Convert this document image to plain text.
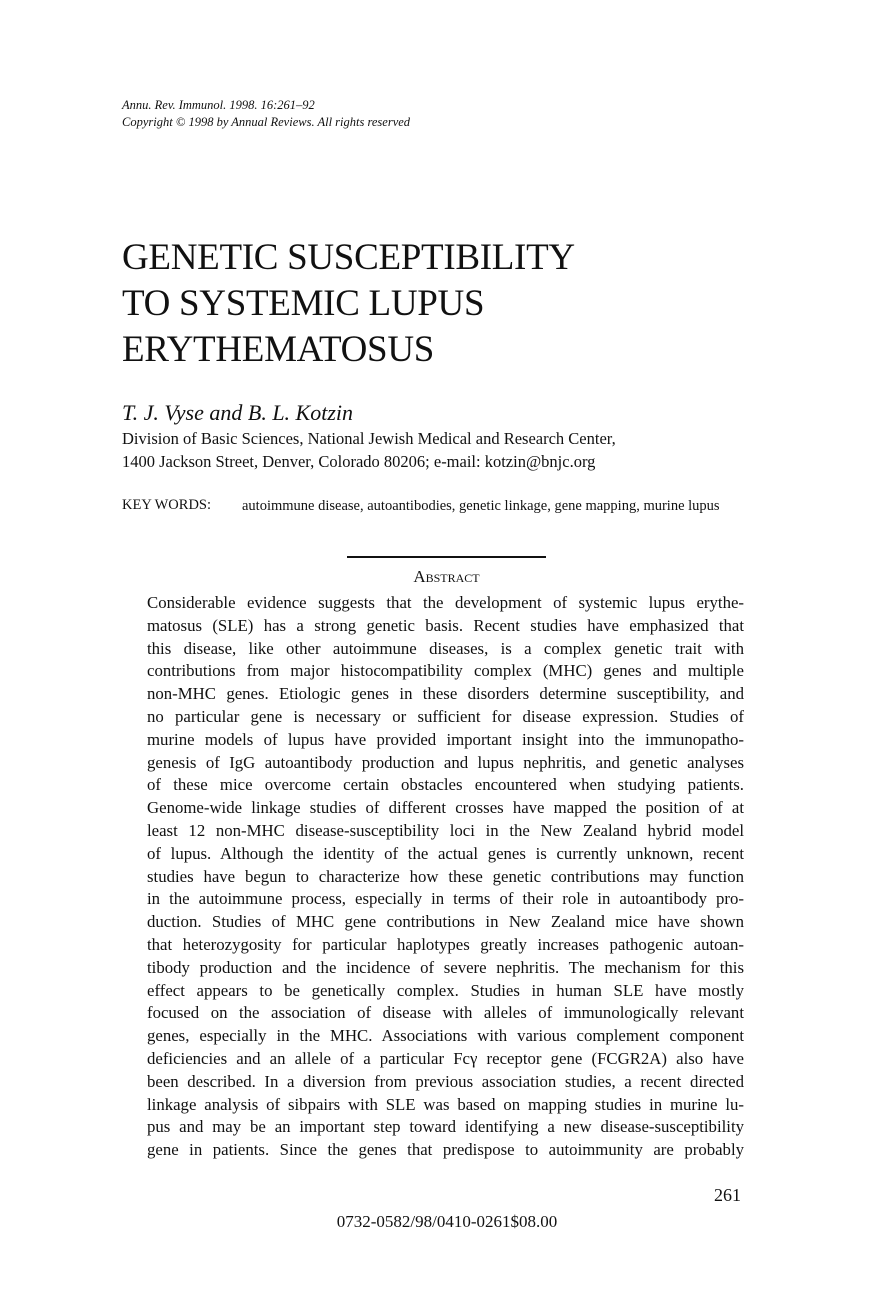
Annu. Rev. Immunol. 1998. 16:261–92
Copyright © 1998 by Annual Reviews. All rights reserved
GENETIC SUSCEPTIBILITY
TO SYSTEMIC LUPUS
ERYTHEMATOSUS
T. J. Vyse and B. L. Kotzin
Division of Basic Sciences, National Jewish Medical and Research Center,
1400 Jackson Street, Denver, Colorado 80206; e-mail: kotzin@bnjc.org
KEY WORDS: autoimmune disease, autoantibodies, genetic linkage, gene mapping, murine lupus
Abstract
Considerable evidence suggests that the development of systemic lupus erythe-
matosus (SLE) has a strong genetic basis. Recent studies have emphasized that
this disease, like other autoimmune diseases, is a complex genetic trait with
contributions from major histocompatibility complex (MHC) genes and multiple
non-MHC genes. Etiologic genes in these disorders determine susceptibility, and
no particular gene is necessary or sufficient for disease expression. Studies of
murine models of lupus have provided important insight into the immunopatho-
genesis of IgG autoantibody production and lupus nephritis, and genetic analyses
of these mice overcome certain obstacles encountered when studying patients.
Genome-wide linkage studies of different crosses have mapped the position of at
least 12 non-MHC disease-susceptibility loci in the New Zealand hybrid model
of lupus. Although the identity of the actual genes is currently unknown, recent
studies have begun to characterize how these genetic contributions may function
in the autoimmune process, especially in terms of their role in autoantibody pro-
duction. Studies of MHC gene contributions in New Zealand mice have shown
that heterozygosity for particular haplotypes greatly increases pathogenic autoan-
tibody production and the incidence of severe nephritis. The mechanism for this
effect appears to be genetically complex. Studies in human SLE have mostly
focused on the association of disease with alleles of immunologically relevant
genes, especially in the MHC. Associations with various complement component
deficiencies and an allele of a particular Fcγ receptor gene (FCGR2A) also have
been described. In a diversion from previous association studies, a recent directed
linkage analysis of sibpairs with SLE was based on mapping studies in murine lu-
pus and may be an important step toward identifying a new disease-susceptibility
gene in patients. Since the genes that predispose to autoimmunity are probably
261
0732-0582/98/0410-0261$08.00
